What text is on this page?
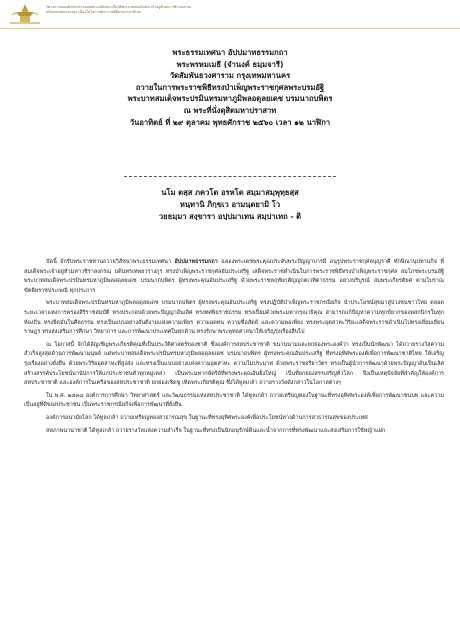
โครงการเผยแพร่พระธรรมเทศนาเฉลิมพระเกียรติพระบาทสมเด็จพระเจ้าอยู่หัวมหาวชิราลงกรณ
บดินทรเทพยวรางกูร เนื่องในโอกาสพระราชพิธีบรมราชาภิเษก
พระธรรมเทศนา อัปปมาทธรรมกถา
พระพรหมเมธี (จำนงค์ ธมฺมจารี)
วัดสัมพันธวงศาราม กรุงเทพมหานคร
ถวายในการพระราชพิธีทรงบำเพ็ญพระราชกุศลพระบรมอัฐิ
พระบาทสมเด็จพระปรมินทรมหาภูมิพลอดุลยเดช บรมนาถบพิตร
ณ พระที่นั่งดุสิตมหาปราสาท
วันอาทิตย์ ที่ ๒๙ ตุลาคม พุทธศักราช ๒๕๖๐ เวลา ๑๒ นาฬิกา
นโม ตสฺส ภควโต อรหโต สมฺมาสมฺพุทฺธสฺส
หนฺทานิ ภิกฺขเว อามนฺตยามิ โว
วยธมฺมา สงฺขารา อปฺปมาเทน สมฺปาเทถ - ติ

บัดนี้ จักรับพระราชทานถวายวิสัชนาพระธรรมเทศนา อัปปมาทธรรมกถา ฉลองพระเดชพระคุณประดับพระปัญญาบารมี อนุรูปพระราชกุศลบุญราศี ทักษิณานุปทานกิจ ที่สมเด็จพระเจ้าอยู่หัวมหาวชิราลงกรณ บดินทรเทพยวรางกูร ทรงบำเพ็ญพระราชกุศลอันประเสริฐ เสด็จพระราชดำเนินในการพระราชพิธีทรงบำเพ็ญพระราชกุศล สมโภชพระบรมอัฐิ พระบาทสมเด็จพระปรมินทรมหาภูมิพลอดุลยเดช บรมนาถบพิตร ผู้ทรงพระคุณอันประเสริฐ ด้วยพระราชหฤทัยกตัญญูกตเวทิตาธรรม อย่างบริบูรณ์ สมพระเกียรติยศ ตามโบราณขัตติยราชประเพณี ทุกประการ

พระบาทสมเด็จพระปรมินทรมหาภูมิพลอดุลยเดช บรมนาถบพิตร ผู้ทรงพระคุณอันประเสริฐ ทรงปฏิบัติบำเพ็ญพระราชกรณียกิจ นำประโยชน์สุขมาสู่ปวงชนชาวไทย ตลอดระยะเวลาแห่งการครองสิริราชสมบัติ ทรงประกอบด้วยพระปัญญาอันเลิศ ทรงทศพิธราชธรรม ทรงเปี่ยมด้วยพระมหากรุณาธิคุณ สามารถแก้ปัญหาความทุกข์ยากของพสกนิกรในทุกท้องถิ่น ทรงยึดมั่นในศีลธรรม ทรงเป็นแบบอย่างอันดีงามแห่งความเพียร ความอดทน ความซื่อสัตย์ และความพอเพียง ทรงพระอุตสาหะวิริยะเสด็จพระราชดำเนินไปทรงเยี่ยมเยียนราษฎร ทรงส่งเสริมการศึกษา วิทยาการ และการพัฒนาประเทศในทุกด้าน ทรงรักษาพระพุทธศาสนาให้เจริญรุ่งเรืองสืบไป

ณ โอกาสนี้ จักได้อัญเชิญพระเกียรติคุณที่เป็นประวัติศาสตร์ของชาติ ซึ่งองค์การสหประชาชาติ ขนานนามและยกย่องพระองค์ว่า ทรงเป็นนักพัฒนา ได้ถวายรางวัลความสำเร็จสูงสุดด้านการพัฒนามนุษย์ แด่พระบาทสมเด็จพระปรมินทรมหาภูมิพลอดุลยเดช บรมนาถบพิตร ผู้ทรงพระคุณอันประเสริฐ ที่ทรงอุทิศพระองค์เพื่อการพัฒนาชาติไทย ให้เจริญรุ่งเรืองอย่างยั่งยืน ด้วยพระวิริยอุตสาหะที่สูงส่ง และทรงเป็นแบบอย่างแห่งความอุตสาหะ ความไม่ประมาท ด้วยพระราชจริยาวัตร ทรงเป็นผู้นำการพัฒนาด้วยพระปัญญาอันเป็นเลิศ สร้างสรรค์ประโยชน์นานัปการให้แก่ประชาชนทั่วทุกหมู่เหล่า เป็นพระมหากษัตริย์ที่ทรงพระคุณอันยิ่งใหญ่ เป็นที่ยกย่องสรรเสริญทั่วโลก จึงเป็นเหตุปัจจัยที่สำคัญให้องค์การสหประชาชาติ และองค์การในเครือของสหประชาชาติ ยกย่องเชิดชู เทิดพระเกียรติคุณ ซึ่งได้ทูลเกล้า ถวายรางวัลดังกล่าวในโอกาสต่างๆ

ใน พ.ศ. ๒๕๓๘ องค์การการศึกษา วิทยาศาสตร์ และวัฒนธรรมแห่งสหประชาชาติ ได้ทูลเกล้า ถวายเหรียญทองในฐานะที่ทรงอุทิศพระองค์เพื่อการพัฒนาชนบท และความเป็นอยู่ที่ดีของประชาชน เป็นพระราชกรณียกิจเพื่อการพัฒนาที่ยั่งยืน

องค์การอนามัยโลก ได้ทูลเกล้า ถวายเหรียญทองสาธารณสุข ในฐานะที่ทรงอุทิศพระองค์เพื่อประโยชน์ทางด้านการสาธารณสุขของประเทศ

สหภาพนานาชาติ ได้ทูลเกล้า ถวายรางวัลแห่งความสำเร็จ ในฐานะที่ทรงเป็นนักอนุรักษ์ดินและน้ำจากการที่ทรงพัฒนาและส่งเสริมการใช้หญ้าแฝก
